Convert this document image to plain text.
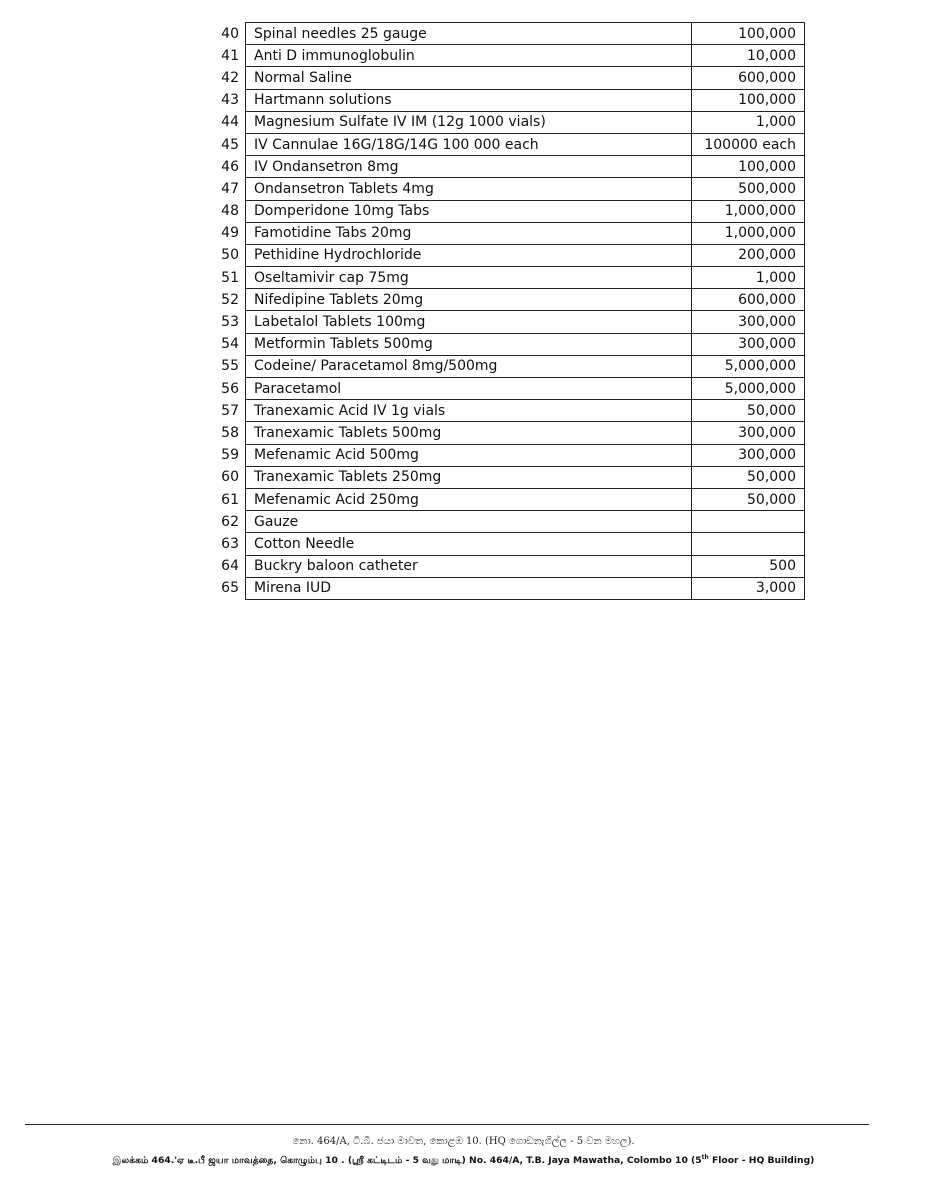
40	Spinal needles 25 gauge	100,000
41	Anti D immunoglobulin	10,000
42	Normal Saline	600,000
43	Hartmann solutions	100,000
44	Magnesium Sulfate IV IM (12g 1000 vials)	1,000
45	IV Cannulae 16G/18G/14G 100 000 each	100000 each
46	IV Ondansetron 8mg	100,000
47	Ondansetron Tablets 4mg	500,000
48	Domperidone 10mg Tabs	1,000,000
49	Famotidine Tabs 20mg	1,000,000
50	Pethidine Hydrochloride	200,000
51	Oseltamivir cap 75mg	1,000
52	Nifedipine Tablets 20mg	600,000
53	Labetalol Tablets 100mg	300,000
54	Metformin Tablets 500mg	300,000
55	Codeine/ Paracetamol 8mg/500mg	5,000,000
56	Paracetamol	5,000,000
57	Tranexamic Acid IV 1g vials	50,000
58	Tranexamic Tablets 500mg	300,000
59	Mefenamic Acid 500mg	300,000
60	Tranexamic Tablets 250mg	50,000
61	Mefenamic Acid 250mg	50,000
62	Gauze	
63	Cotton Needle	
64	Buckry baloon catheter	500
65	Mirena IUD	3,000
නො. 464/A, ටී.බී. ජයා මාවත, කොළඹ 10. (HQ ගොඩනැගිල්ල - 5 වන මහල).
இலக்கம் 464.'ஏ டீ.பீ ஜயா மாவத்தை, கொழும்பு 10 . (ஸ்ரீ கட்டிடம் - 5 வது மாடி) No. 464/A, T.B. Jaya Mawatha, Colombo 10 (5th Floor - HQ Building)
